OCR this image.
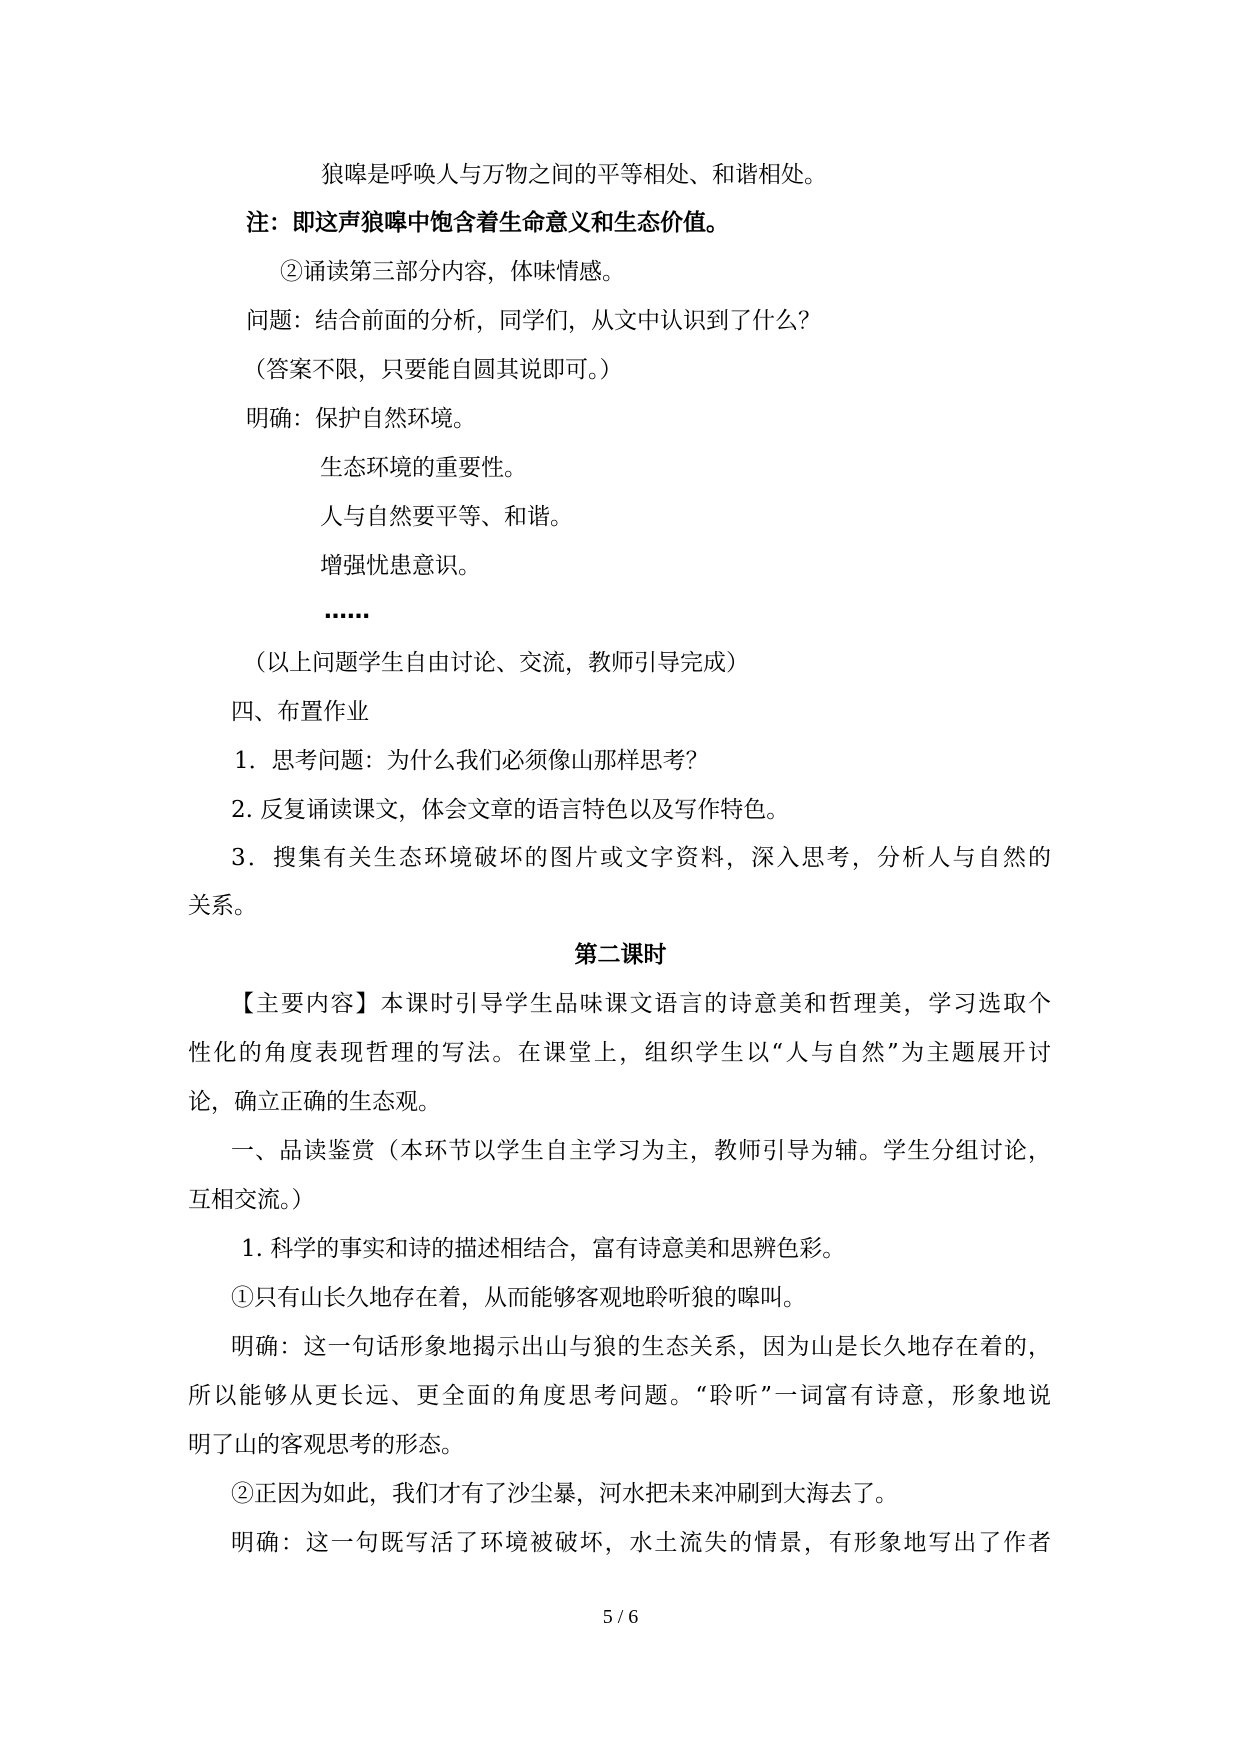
狼嗥是呼唤人与万物之间的平等相处、和谐相处。
注：即这声狼嗥中饱含着生命意义和生态价值。
②诵读第三部分内容，体味情感。
问题：结合前面的分析，同学们，从文中认识到了什么？
（答案不限，只要能自圆其说即可。）
明确：保护自然环境。
生态环境的重要性。
人与自然要平等、和谐。
增强忧患意识。
……
（以上问题学生自由讨论、交流，教师引导完成）
四、布置作业
1．思考问题：为什么我们必须像山那样思考？
2. 反复诵读课文，体会文章的语言特色以及写作特色。
3．搜集有关生态环境破坏的图片或文字资料，深入思考，分析人与自然的
关系。
第二课时
【主要内容】本课时引导学生品味课文语言的诗意美和哲理美，学习选取个
性化的角度表现哲理的写法。在课堂上，组织学生以“人与自然”为主题展开讨
论，确立正确的生态观。
一、品读鉴赏（本环节以学生自主学习为主，教师引导为辅。学生分组讨论，
互相交流。）
1. 科学的事实和诗的描述相结合，富有诗意美和思辨色彩。
①只有山长久地存在着，从而能够客观地聆听狼的嗥叫。
明确：这一句话形象地揭示出山与狼的生态关系，因为山是长久地存在着的，
所以能够从更长远、更全面的角度思考问题。“聆听”一词富有诗意，形象地说
明了山的客观思考的形态。
②正因为如此，我们才有了沙尘暴，河水把未来冲刷到大海去了。
明确：这一句既写活了环境被破坏，水土流失的情景，有形象地写出了作者
5 / 6
